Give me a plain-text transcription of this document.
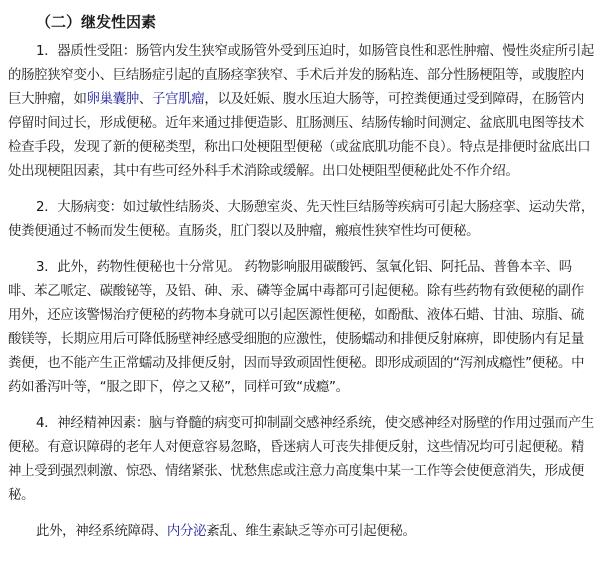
（二）继发性因素

1．器质性受阻：肠管内发生狭窄或肠管外受到压迫时，如肠管良性和恶性肿瘤、慢性炎症所引起的肠腔狭窄变小、巨结肠症引起的直肠痉挛狭窄、手术后并发的肠粘连、部分性肠梗阻等，或腹腔内巨大肿瘤，如卵巢囊肿、子宫肌瘤，以及妊娠、腹水压迫大肠等，可控粪便通过受到障碍，在肠管内停留时间过长，形成便秘。近年来通过排便造影、肛肠测压、结肠传输时间测定、盆底肌电图等技术检查手段，发现了新的便秘类型，称出口处梗阻型便秘（或盆底肌功能不良）。特点是排便时盆底出口处出现梗阻因素，其中有些可经外科手术消除或缓解。出口处梗阻型便秘此处不作介绍。

2．大肠病变：如过敏性结肠炎、大肠憩室炎、先天性巨结肠等疾病可引起大肠痉挛、运动失常，使粪便通过不畅而发生便秘。直肠炎，肛门裂以及肿瘤，瘢痕性狭窄性均可便秘。

3．此外，药物性便秘也十分常见。 药物影响服用碳酸钙、氢氧化铝、阿托品、普鲁本辛、吗啡、苯乙哌定、碳酸铋等，及铅、砷、汞、磷等金属中毒都可引起便秘。除有些药物有致便秘的副作用外，还应该警惕治疗便秘的药物本身就可以引起医源性便秘，如酚酞、液体石蜡、甘油、琼脂、硫酸镁等，长期应用后可降低肠壁神经感受细胞的应激性，使肠蠕动和排便反射麻痹，即使肠内有足量粪便，也不能产生正常蠕动及排便反射，因而导致顽固性便秘。即形成顽固的“泻剂成瘾性”便秘。中药如番泻叶等，“服之即下，停之又秘”，同样可致“成瘾”。

4．神经精神因素：脑与脊髓的病变可抑制副交感神经系统，使交感神经对肠壁的作用过强而产生便秘。有意识障碍的老年人对便意容易忽略，昏迷病人可丧失排便反射，这些情况均可引起便秘。精神上受到强烈刺激、惊恐、情绪紧张、忧愁焦虑或注意力高度集中某一工作等会使便意消失，形成便秘。

此外，神经系统障碍、内分泌紊乱、维生素缺乏等亦可引起便秘。
